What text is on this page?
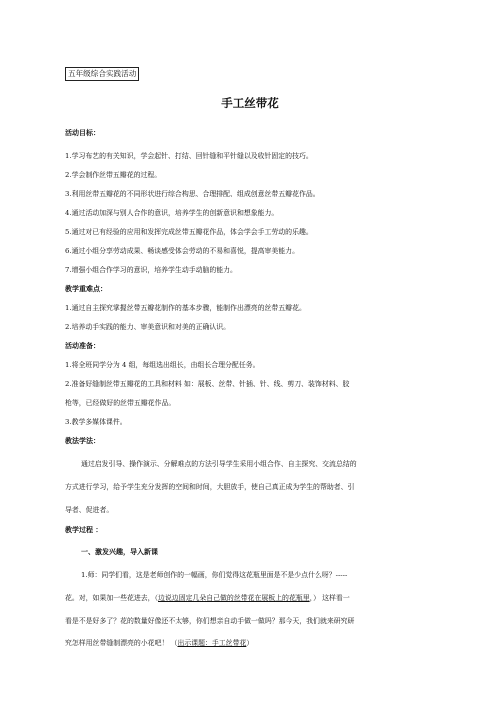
五年级综合实践活动
手工丝带花
活动目标：
1.学习布艺的有关知识，学会起针、打结、回针缝和平针缝以及收针固定的技巧。
2.学会制作丝带五瓣花的过程。
3.利用丝带五瓣花的不同形状进行综合构思、合理排配、组成创意丝带五瓣花作品。
4.通过活动加深与别人合作的意识，培养学生的创新意识和想象能力。
5.通过对已有经验的应用和发挥完成丝带五瓣花作品，体会学会手工劳动的乐趣。
6.通过小组分享劳动成果、畅谈感受体会劳动的不易和喜悦，提高审美能力。
7.增强小组合作学习的意识，培养学生动手动脑的能力。
教学重难点：
1.通过自主探究掌握丝带五瓣花制作的基本步骤，能制作出漂亮的丝带五瓣花。
2.培养动手实践的能力、审美意识和对美的正确认识。
活动准备：
1.将全班同学分为 4 组，每组选出组长，由组长合理分配任务。
2.准备好缝制丝带五瓣花的工具和材料 如：展板、丝带、针插、针、线、剪刀、装饰材料、胶
枪等，已经做好的丝带五瓣花作品。
3.教学多媒体课件。
教法学法：
通过启发引导、操作演示、分解难点的方法引导学生采用小组合作、自主探究、交流总结的
方式进行学习，给予学生充分发挥的空间和时间，大胆放手，使自己真正成为学生的帮助者、引
导者、促进者。
教学过程 ：
一、激发兴趣，导入新课
1.师：同学们看，这是老师创作的一幅画，你们觉得这花瓶里面是不是少点什么呀？-----
花。对，如果加一些花进去，（边说边固定几朵自己做的丝带花在展板上的花瓶里，） 这样看一
看是不是好多了？花的数量好像还不太够，你们想亲自动手做一做吗？那今天，我们就来研究研
究怎样用丝带缝制漂亮的小花吧！ （出示课题：手工丝带花）
